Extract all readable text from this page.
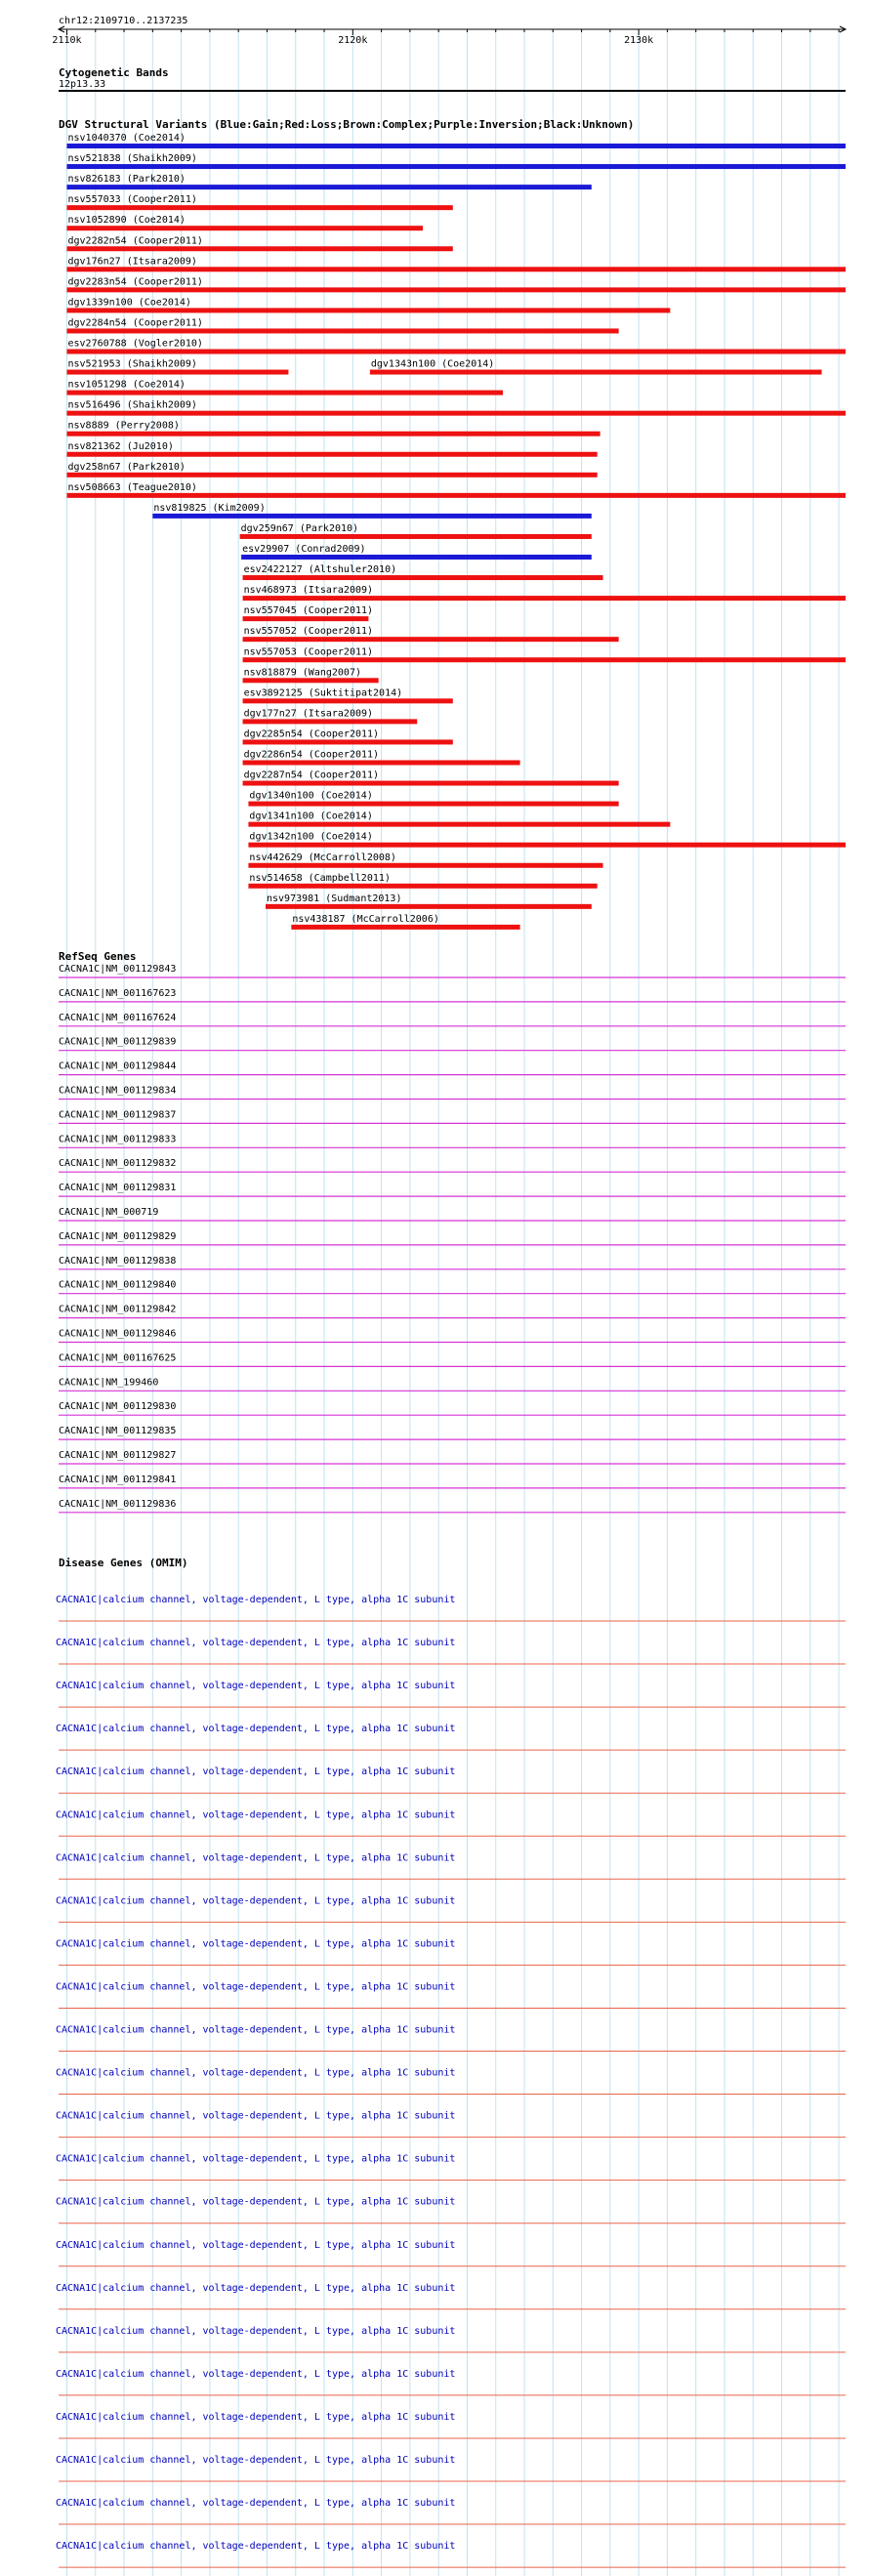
chr12:2109710..2137235
2110k	2120k	2130k
Cytogenetic Bands
12p13.33
DGV Structural Variants (Blue:Gain;Red:Loss;Brown:Complex;Purple:Inversion;Black:Unknown)
nsv1040370 (Coe2014)
nsv521838 (Shaikh2009)
nsv826183 (Park2010)
nsv557033 (Cooper2011)
nsv1052890 (Coe2014)
dgv2282n54 (Cooper2011)
dgv176n27 (Itsara2009)
dgv2283n54 (Cooper2011)
dgv1339n100 (Coe2014)
dgv2284n54 (Cooper2011)
esv2760788 (Vogler2010)
nsv521953 (Shaikh2009)	dgv1343n100 (Coe2014)
nsv1051298 (Coe2014)
nsv516496 (Shaikh2009)
nsv8889 (Perry2008)
nsv821362 (Ju2010)
dgv258n67 (Park2010)
nsv508663 (Teague2010)
nsv819825 (Kim2009)
dgv259n67 (Park2010)
esv29907 (Conrad2009)
esv2422127 (Altshuler2010)
nsv468973 (Itsara2009)
nsv557045 (Cooper2011)
nsv557052 (Cooper2011)
nsv557053 (Cooper2011)
nsv818879 (Wang2007)
esv3892125 (Suktitipat2014)
dgv177n27 (Itsara2009)
dgv2285n54 (Cooper2011)
dgv2286n54 (Cooper2011)
dgv2287n54 (Cooper2011)
dgv1340n100 (Coe2014)
dgv1341n100 (Coe2014)
dgv1342n100 (Coe2014)
nsv442629 (McCarroll2008)
nsv514658 (Campbell2011)
nsv973981 (Sudmant2013)
nsv438187 (McCarroll2006)
RefSeq Genes
CACNA1C|NM_001129843
CACNA1C|NM_001167623
CACNA1C|NM_001167624
CACNA1C|NM_001129839
CACNA1C|NM_001129844
CACNA1C|NM_001129834
CACNA1C|NM_001129837
CACNA1C|NM_001129833
CACNA1C|NM_001129832
CACNA1C|NM_001129831
CACNA1C|NM_000719
CACNA1C|NM_001129829
CACNA1C|NM_001129838
CACNA1C|NM_001129840
CACNA1C|NM_001129842
CACNA1C|NM_001129846
CACNA1C|NM_001167625
CACNA1C|NM_199460
CACNA1C|NM_001129830
CACNA1C|NM_001129835
CACNA1C|NM_001129827
CACNA1C|NM_001129841
CACNA1C|NM_001129836
Disease Genes (OMIM)
CACNA1C|calcium channel, voltage-dependent, L type, alpha 1C subunit
CACNA1C|calcium channel, voltage-dependent, L type, alpha 1C subunit
CACNA1C|calcium channel, voltage-dependent, L type, alpha 1C subunit
CACNA1C|calcium channel, voltage-dependent, L type, alpha 1C subunit
CACNA1C|calcium channel, voltage-dependent, L type, alpha 1C subunit
CACNA1C|calcium channel, voltage-dependent, L type, alpha 1C subunit
CACNA1C|calcium channel, voltage-dependent, L type, alpha 1C subunit
CACNA1C|calcium channel, voltage-dependent, L type, alpha 1C subunit
CACNA1C|calcium channel, voltage-dependent, L type, alpha 1C subunit
CACNA1C|calcium channel, voltage-dependent, L type, alpha 1C subunit
CACNA1C|calcium channel, voltage-dependent, L type, alpha 1C subunit
CACNA1C|calcium channel, voltage-dependent, L type, alpha 1C subunit
CACNA1C|calcium channel, voltage-dependent, L type, alpha 1C subunit
CACNA1C|calcium channel, voltage-dependent, L type, alpha 1C subunit
CACNA1C|calcium channel, voltage-dependent, L type, alpha 1C subunit
CACNA1C|calcium channel, voltage-dependent, L type, alpha 1C subunit
CACNA1C|calcium channel, voltage-dependent, L type, alpha 1C subunit
CACNA1C|calcium channel, voltage-dependent, L type, alpha 1C subunit
CACNA1C|calcium channel, voltage-dependent, L type, alpha 1C subunit
CACNA1C|calcium channel, voltage-dependent, L type, alpha 1C subunit
CACNA1C|calcium channel, voltage-dependent, L type, alpha 1C subunit
CACNA1C|calcium channel, voltage-dependent, L type, alpha 1C subunit
CACNA1C|calcium channel, voltage-dependent, L type, alpha 1C subunit
